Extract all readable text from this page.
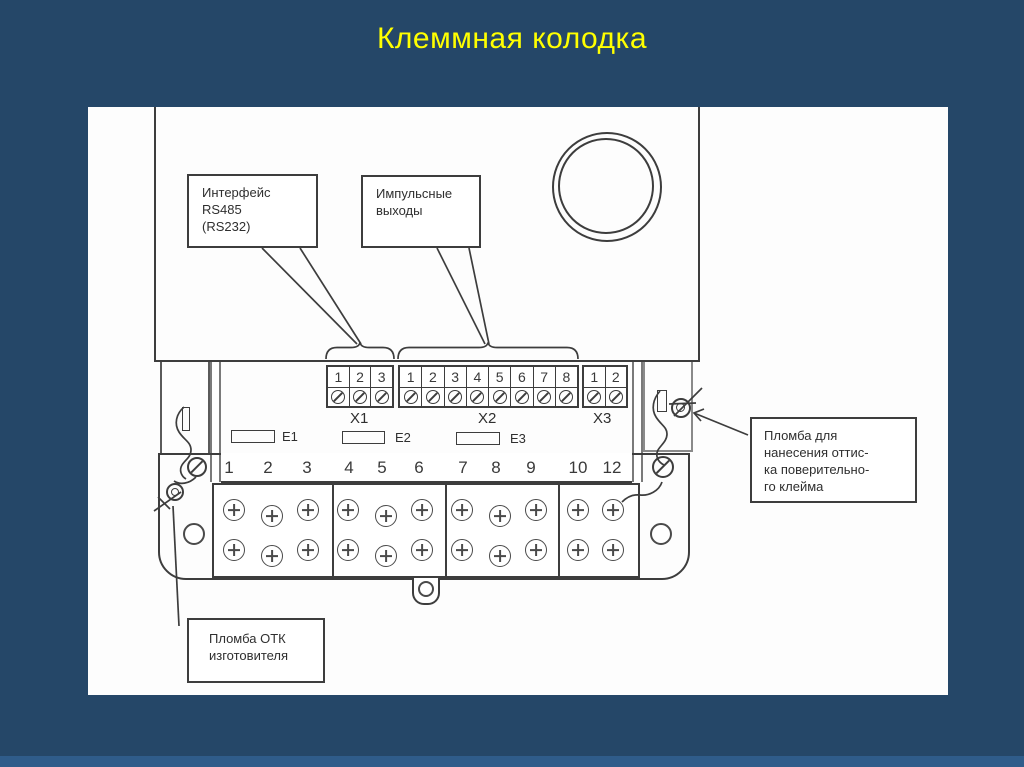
Клеммная колодка
1 2 3 4 5 6 7 8 9 10 12
1 2 3	1	2	3	4	5	6	7	8	1 2
X1	X2	X3
E1	E2	E3
Интерфейс
RS485
(RS232)
Импульсные
выходы
Пломба для
нанесения оттис-
ка поверительно-
го клейма
Пломба ОТК
изготовителя
